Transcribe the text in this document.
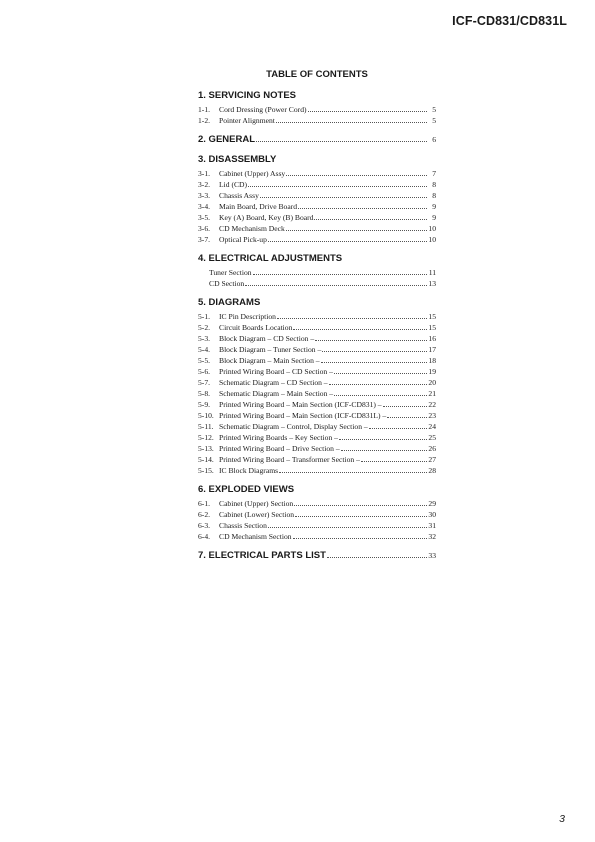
ICF-CD831/CD831L
TABLE OF CONTENTS
1. SERVICING NOTES
1-1.	Cord Dressing (Power Cord)	5
1-2.	Pointer Alignment	5
2. GENERAL	6
3. DISASSEMBLY
3-1.	Cabinet (Upper) Assy	7
3-2.	Lid (CD)	8
3-3.	Chassis Assy	8
3-4.	Main Board, Drive Board	9
3-5.	Key (A) Board, Key (B) Board	9
3-6.	CD Mechanism Deck	10
3-7.	Optical Pick-up	10
4. ELECTRICAL ADJUSTMENTS
Tuner Section	11
CD Section	13
5. DIAGRAMS
5-1.	IC Pin Description	15
5-2.	Circuit Boards Location	15
5-3.	Block Diagram – CD Section –	16
5-4.	Block Diagram – Tuner Section –	17
5-5.	Block Diagram – Main Section –	18
5-6.	Printed Wiring Board – CD Section –	19
5-7.	Schematic Diagram – CD Section –	20
5-8.	Schematic Diagram – Main Section –	21
5-9.	Printed Wiring Board – Main Section (ICF-CD831) –	22
5-10. Printed Wiring Board – Main Section (ICF-CD831L) –	23
5-11. Schematic Diagram – Control, Display Section –	24
5-12. Printed Wiring Boards – Key Section –	25
5-13. Printed Wiring Board – Drive Section –	26
5-14. Printed Wiring Board – Transformer Section –	27
5-15. IC Block Diagrams	28
6. EXPLODED VIEWS
6-1.	Cabinet (Upper) Section	29
6-2.	Cabinet (Lower) Section	30
6-3.	Chassis Section	31
6-4.	CD Mechanism Section	32
7. ELECTRICAL PARTS LIST	33
3
